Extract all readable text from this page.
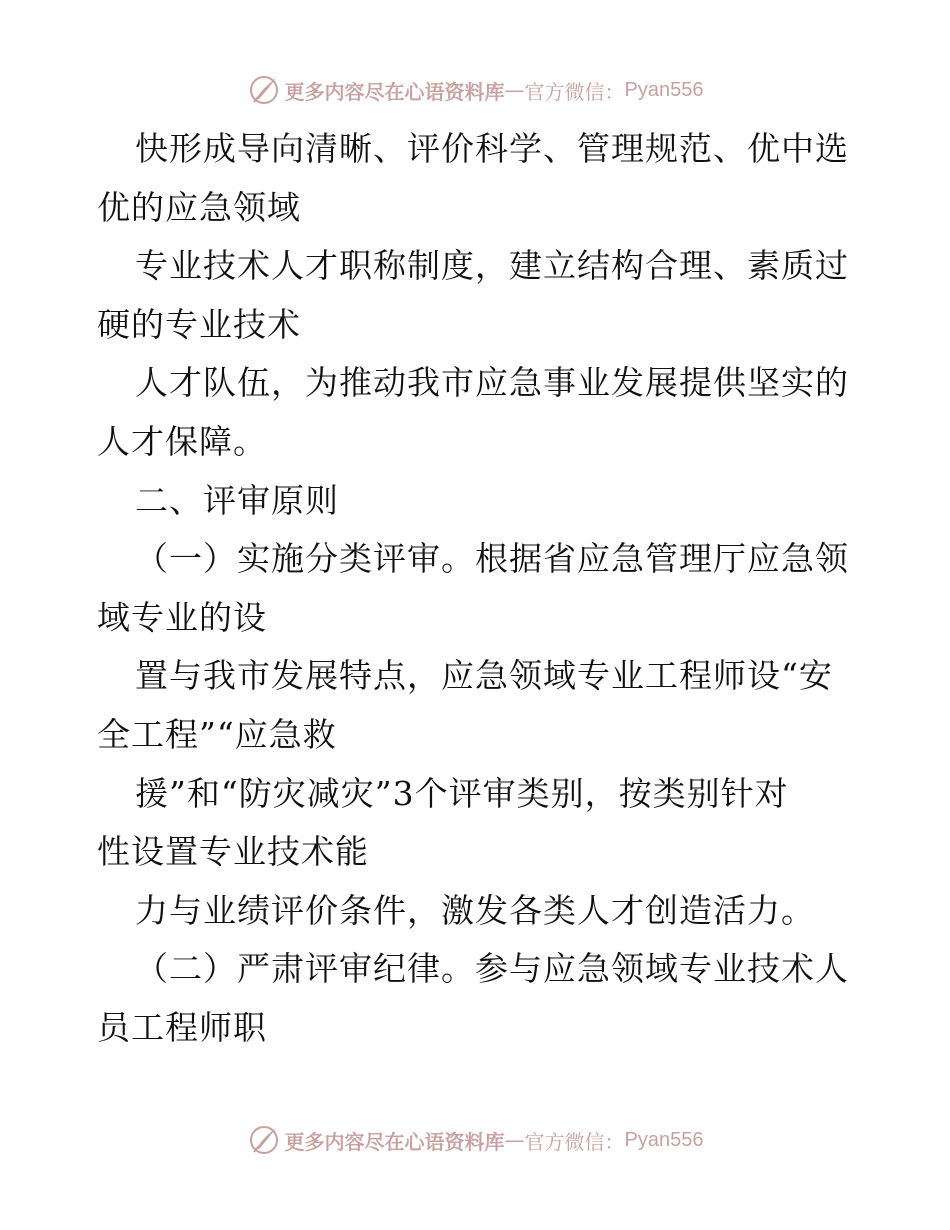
更多内容尽在心语资料库 — 官方微信： Pyan556
快形成导向清晰、评价科学、管理规范、优中选
优的应急领域
专业技术人才职称制度，建立结构合理、素质过
硬的专业技术
人才队伍，为推动我市应急事业发展提供坚实的
人才保障。
二、评审原则
（一）实施分类评审。根据省应急管理厅应急领
域专业的设
置与我市发展特点，应急领域专业工程师设“安
全工程”“应急救
援”和“防灾减灾”3个评审类别，按类别针对
性设置专业技术能
力与业绩评价条件，激发各类人才创造活力。
（二）严肃评审纪律。参与应急领域专业技术人
员工程师职
更多内容尽在心语资料库 — 官方微信： Pyan556
